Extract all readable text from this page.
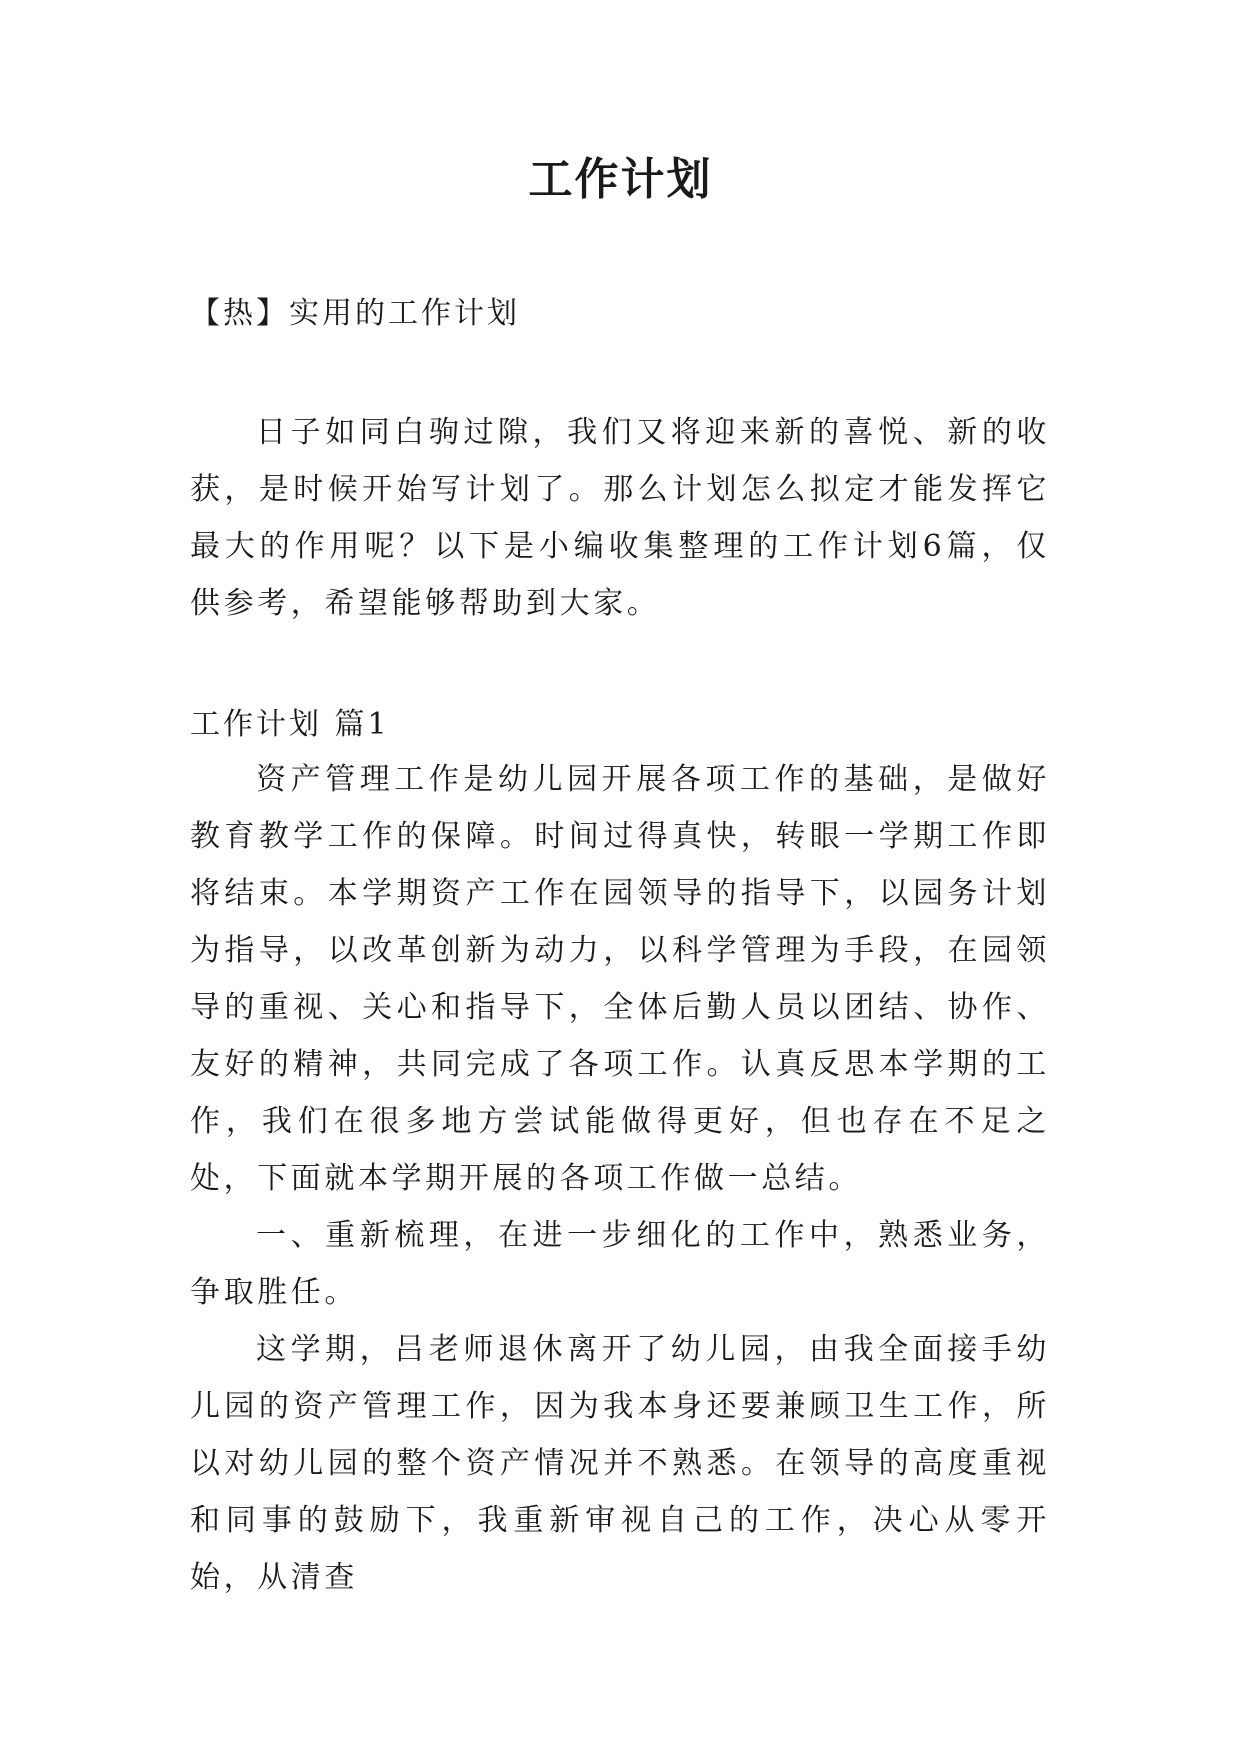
工作计划

【热】实用的工作计划

日子如同白驹过隙，我们又将迎来新的喜悦、新的收获，是时候开始写计划了。那么计划怎么拟定才能发挥它最大的作用呢？以下是小编收集整理的工作计划6篇，仅供参考，希望能够帮助到大家。

工作计划 篇1

资产管理工作是幼儿园开展各项工作的基础，是做好教育教学工作的保障。时间过得真快，转眼一学期工作即将结束。本学期资产工作在园领导的指导下，以园务计划为指导，以改革创新为动力，以科学管理为手段，在园领导的重视、关心和指导下，全体后勤人员以团结、协作、友好的精神，共同完成了各项工作。认真反思本学期的工作，我们在很多地方尝试能做得更好，但也存在不足之处，下面就本学期开展的各项工作做一总结。

一、重新梳理，在进一步细化的工作中，熟悉业务，争取胜任。

这学期，吕老师退休离开了幼儿园，由我全面接手幼儿园的资产管理工作，因为我本身还要兼顾卫生工作，所以对幼儿园的整个资产情况并不熟悉。在领导的高度重视和同事的鼓励下，我重新审视自己的工作，决心从零开始，从清查
